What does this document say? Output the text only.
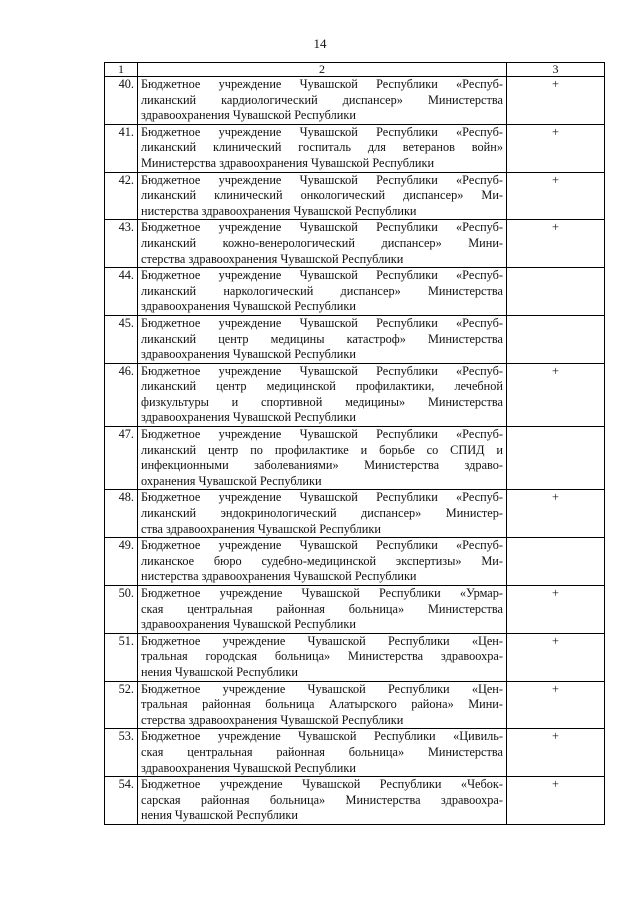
14
1	2	3
40.	Бюджетное учреждение Чувашской Республики «Респуб-
ликанский кардиологический диспансер» Министерства
здравоохранения Чувашской Республики	+
41.	Бюджетное учреждение Чувашской Республики «Респуб-
ликанский клинический госпиталь для ветеранов войн»
Министерства здравоохранения Чувашской Республики	+
42.	Бюджетное учреждение Чувашской Республики «Респуб-
ликанский клинический онкологический диспансер» Ми-
нистерства здравоохранения Чувашской Республики	+
43.	Бюджетное учреждение Чувашской Республики «Респуб-
ликанский кожно-венерологический диспансер» Мини-
стерства здравоохранения Чувашской Республики	+
44.	Бюджетное учреждение Чувашской Республики «Респуб-
ликанский наркологический диспансер» Министерства
здравоохранения Чувашской Республики	

45.	Бюджетное учреждение Чувашской Республики «Респуб-
ликанский центр медицины катастроф» Министерства
здравоохранения Чувашской Республики	

46.	Бюджетное учреждение Чувашской Республики «Респуб-
ликанский центр медицинской профилактики, лечебной
физкультуры и спортивной медицины» Министерства
здравоохранения Чувашской Республики	+
47.	Бюджетное учреждение Чувашской Республики «Респуб-
ликанский центр по профилактике и борьбе со СПИД и
инфекционными заболеваниями» Министерства здраво-
охранения Чувашской Республики	

48.	Бюджетное учреждение Чувашской Республики «Респуб-
ликанский эндокринологический диспансер» Министер-
ства здравоохранения Чувашской Республики	+
49.	Бюджетное учреждение Чувашской Республики «Респуб-
ликанское бюро судебно-медицинской экспертизы» Ми-
нистерства здравоохранения Чувашской Республики	

50.	Бюджетное учреждение Чувашской Республики «Урмар-
ская центральная районная больница» Министерства
здравоохранения Чувашской Республики	+
51.	Бюджетное учреждение Чувашской Республики «Цен-
тральная городская больница» Министерства здравоохра-
нения Чувашской Республики	+
52.	Бюджетное учреждение Чувашской Республики «Цен-
тральная районная больница Алатырского района» Мини-
стерства здравоохранения Чувашской Республики	+
53.	Бюджетное учреждение Чувашской Республики «Цивиль-
ская центральная районная больница» Министерства
здравоохранения Чувашской Республики	+
54.	Бюджетное учреждение Чувашской Республики «Чебок-
сарская районная больница» Министерства здравоохра-
нения Чувашской Республики	+
